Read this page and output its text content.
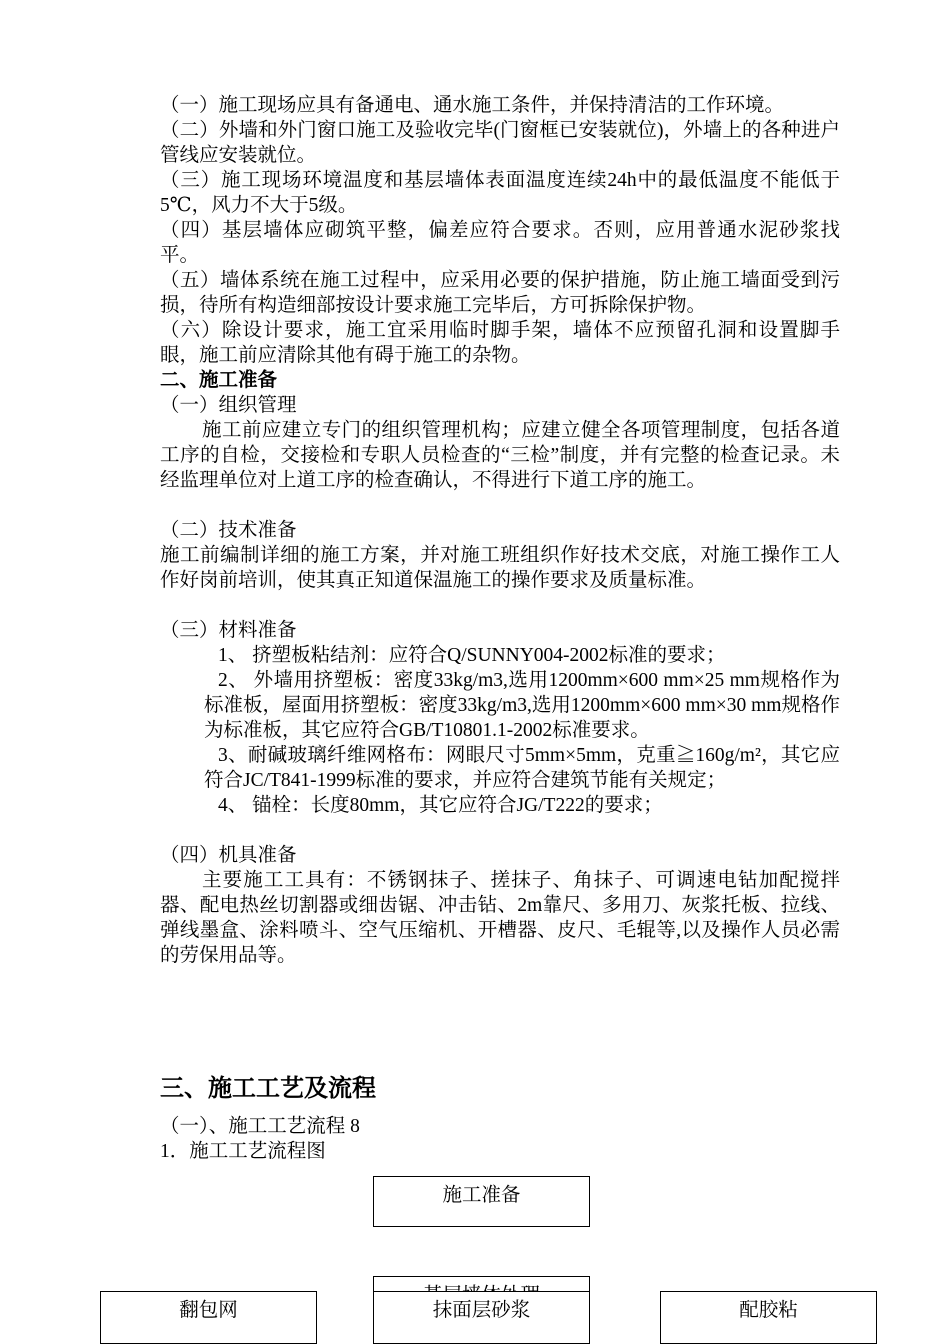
（一）施工现场应具有备通电、通水施工条件，并保持清洁的工作环境。

（二）外墙和外门窗口施工及验收完毕(门窗框已安装就位)，外墙上的各种进户管线应安装就位。

（三）施工现场环境温度和基层墙体表面温度连续24h中的最低温度不能低于5℃，风力不大于5级。

（四）基层墙体应砌筑平整，偏差应符合要求。否则，应用普通水泥砂浆找平。

（五）墙体系统在施工过程中，应采用必要的保护措施，防止施工墙面受到污损，待所有构造细部按设计要求施工完毕后，方可拆除保护物。

（六）除设计要求，施工宜采用临时脚手架，墙体不应预留孔洞和设置脚手眼，施工前应清除其他有碍于施工的杂物。

二、施工准备

（一）组织管理

施工前应建立专门的组织管理机构；应建立健全各项管理制度，包括各道工序的自检，交接检和专职人员检查的“三检”制度，并有完整的检查记录。未经监理单位对上道工序的检查确认，不得进行下道工序的施工。

（二）技术准备

施工前编制详细的施工方案，并对施工班组织作好技术交底，对施工操作工人作好岗前培训，使其真正知道保温施工的操作要求及质量标准。

（三）材料准备

1、 挤塑板粘结剂：应符合Q/SUNNY004-2002标准的要求；

2、 外墙用挤塑板：密度33kg/m3,选用1200mm×600 mm×25 mm规格作为标准板，屋面用挤塑板：密度33kg/m3,选用1200mm×600 mm×30 mm规格作为标准板，其它应符合GB/T10801.1-2002标准要求。

3、耐碱玻璃纤维网格布：网眼尺寸5mm×5mm，克重≧160g/m²，其它应符合JC/T841-1999标准的要求，并应符合建筑节能有关规定；

4、 锚栓：长度80mm，其它应符合JG/T222的要求；

（四）机具准备

主要施工工具有：不锈钢抹子、搓抹子、角抹子、可调速电钻加配搅拌器、配电热丝切割器或细齿锯、冲击钻、2m靠尺、多用刀、灰浆托板、拉线、弹线墨盒、涂料喷斗、空气压缩机、开槽器、皮尺、毛辊等,以及操作人员必需的劳保用品等。

三、施工工艺及流程

（一）、施工工艺流程 8
1．施工工艺流程图
施工准备
翻包网	抹面层砂浆	配胶粘
